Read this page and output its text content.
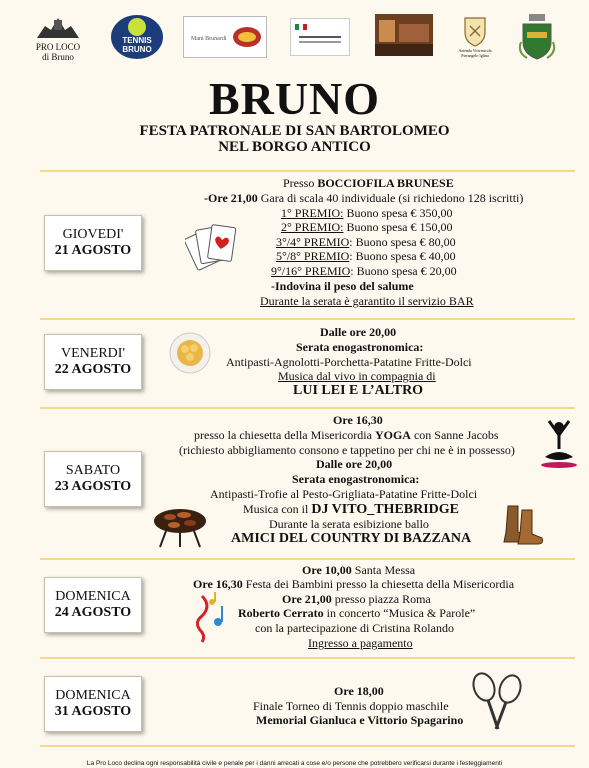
PRO LOCO
di Bruno
TENNIS BRUNO
Mani Brunardi
Azienda Vitivinicola Pierangelo Iglina
BRUNO
FESTA PATRONALE DI SAN BARTOLOMEO
NEL BORGO ANTICO
GIOVEDI'
21 AGOSTO
VENERDI'
22 AGOSTO
SABATO
23 AGOSTO
DOMENICA
24 AGOSTO
DOMENICA
31 AGOSTO
Presso BOCCIOFILA BRUNESE
-Ore 21,00 Gara di scala 40 individuale (si richiedono 128 iscritti)
1° PREMIO: Buono spesa € 350,00
2° PREMIO: Buono spesa € 150,00
3°/4° PREMIO: Buono spesa € 80,00
5°/8° PREMIO: Buono spesa € 40,00
9°/16° PREMIO: Buono spesa € 20,00
-Indovina il peso del salume
Durante la serata è garantito il servizio BAR
Dalle ore 20,00
Serata enogastronomica:
Antipasti-Agnolotti-Porchetta-Patatine Fritte-Dolci
Musica dal vivo in compagnia di
LUI LEI E L’ALTRO
Ore 16,30
presso la chiesetta della Misericordia YOGA con Sanne Jacobs
(richiesto abbigliamento consono e tappetino per chi ne è in possesso)
Dalle ore 20,00
Serata enogastronomica:
Antipasti-Trofie al Pesto-Grigliata-Patatine Fritte-Dolci
Musica con il DJ VITO_THEBRIDGE
Durante la serata esibizione ballo
AMICI DEL COUNTRY DI BAZZANA
Ore 10,00 Santa Messa
Ore 16,30 Festa dei Bambini presso la chiesetta della Misericordia
Ore 21,00 presso piazza Roma
Roberto Cerrato in concerto “Musica & Parole”
con la partecipazione di Cristina Rolando
Ingresso a pagamento
Ore 18,00
Finale Torneo di Tennis doppio maschile
Memorial Gianluca e Vittorio Spagarino
La Pro Loco declina ogni responsabilità civile e penale per i danni arrecati a cose e/o persone che potrebbero verificarsi durante i festeggiamenti
